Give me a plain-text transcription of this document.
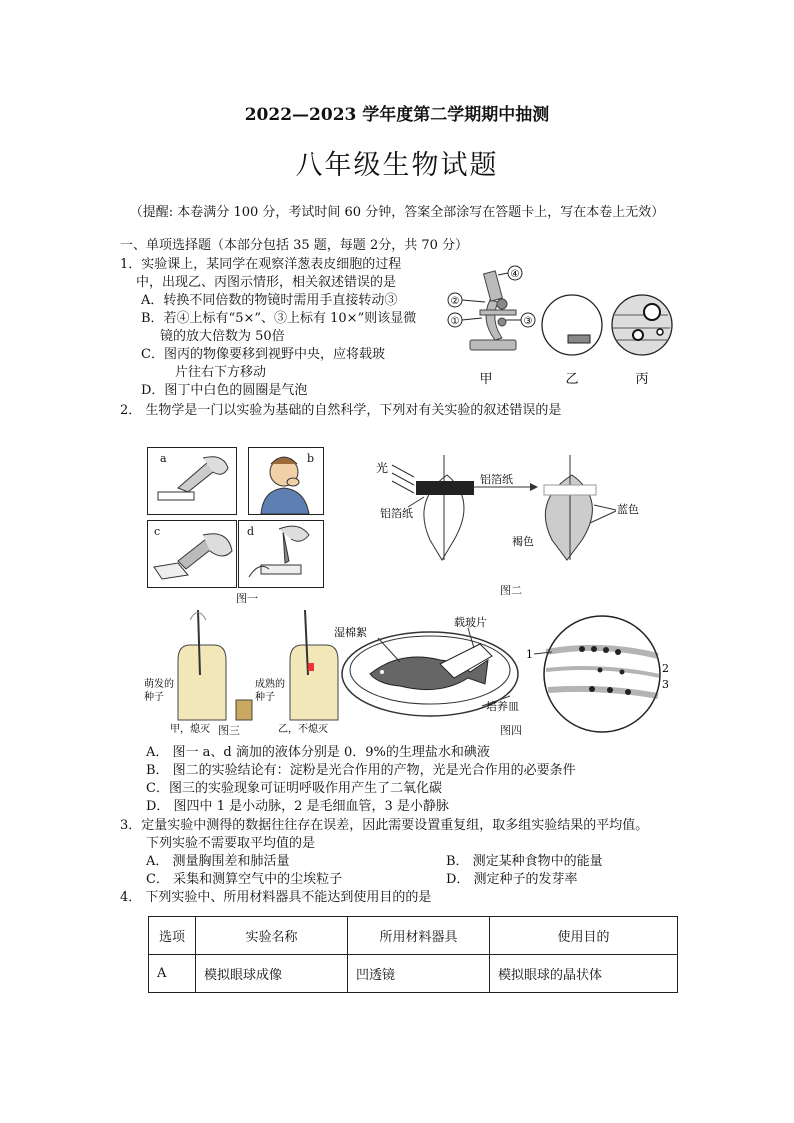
2022—2023 学年度第二学期期中抽测
八年级生物试题
（提醒: 本卷满分 100 分，考试时间 60 分钟，答案全部涂写在答题卡上，写在本卷上无效）
一、单项选择题（本部分包括 35 题，每题 2分，共 70 分）
1．实验课上，某同学在观察洋葱表皮细胞的过程
中，出现乙、丙图示情形，相关叙述错误的是
A．转换不同倍数的物镜时需用手直接转动③
B．若④上标有“5×”、③上标有 10×”则该显微
镜的放大倍数为 50倍
C．图丙的物像要移到视野中央，应将载玻
片往右下方移动
D．图丁中白色的圆圈是气泡
④
②
①	③
甲	乙	丙
2． 生物学是一门以实验为基础的自然科学，下列对有关实验的叙述错误的是
a	b
c	d
图一
光
铝箔纸
铝箔纸
褐色
蓝色
图二
萌发的
种子
成熟的
种子
甲，熄灭	乙，不熄灭
图三
湿棉絮
载玻片
培养皿
图四
1
2
3
A． 图一 a、d 滴加的液体分别是 0．9%的生理盐水和碘液
B． 图二的实验结论有：淀粉是光合作用的产物，光是光合作用的必要条件
C．图三的实验现象可证明呼吸作用产生了二氧化碳
D． 图四中 1 是小动脉，2 是毛细血管，3 是小静脉
3．定量实验中测得的数据往往存在误差，因此需要设置重复组，取多组实验结果的平均值。
下列实验不需要取平均值的是
A． 测量胸围差和肺活量	B． 测定某种食物中的能量
C． 采集和测算空气中的尘埃粒子	D． 测定种子的发芽率
4． 下列实验中、所用材料器具不能达到使用目的的是
选项	实验名称	所用材料器具	使用目的
A	模拟眼球成像	凹透镜	模拟眼球的晶状体
